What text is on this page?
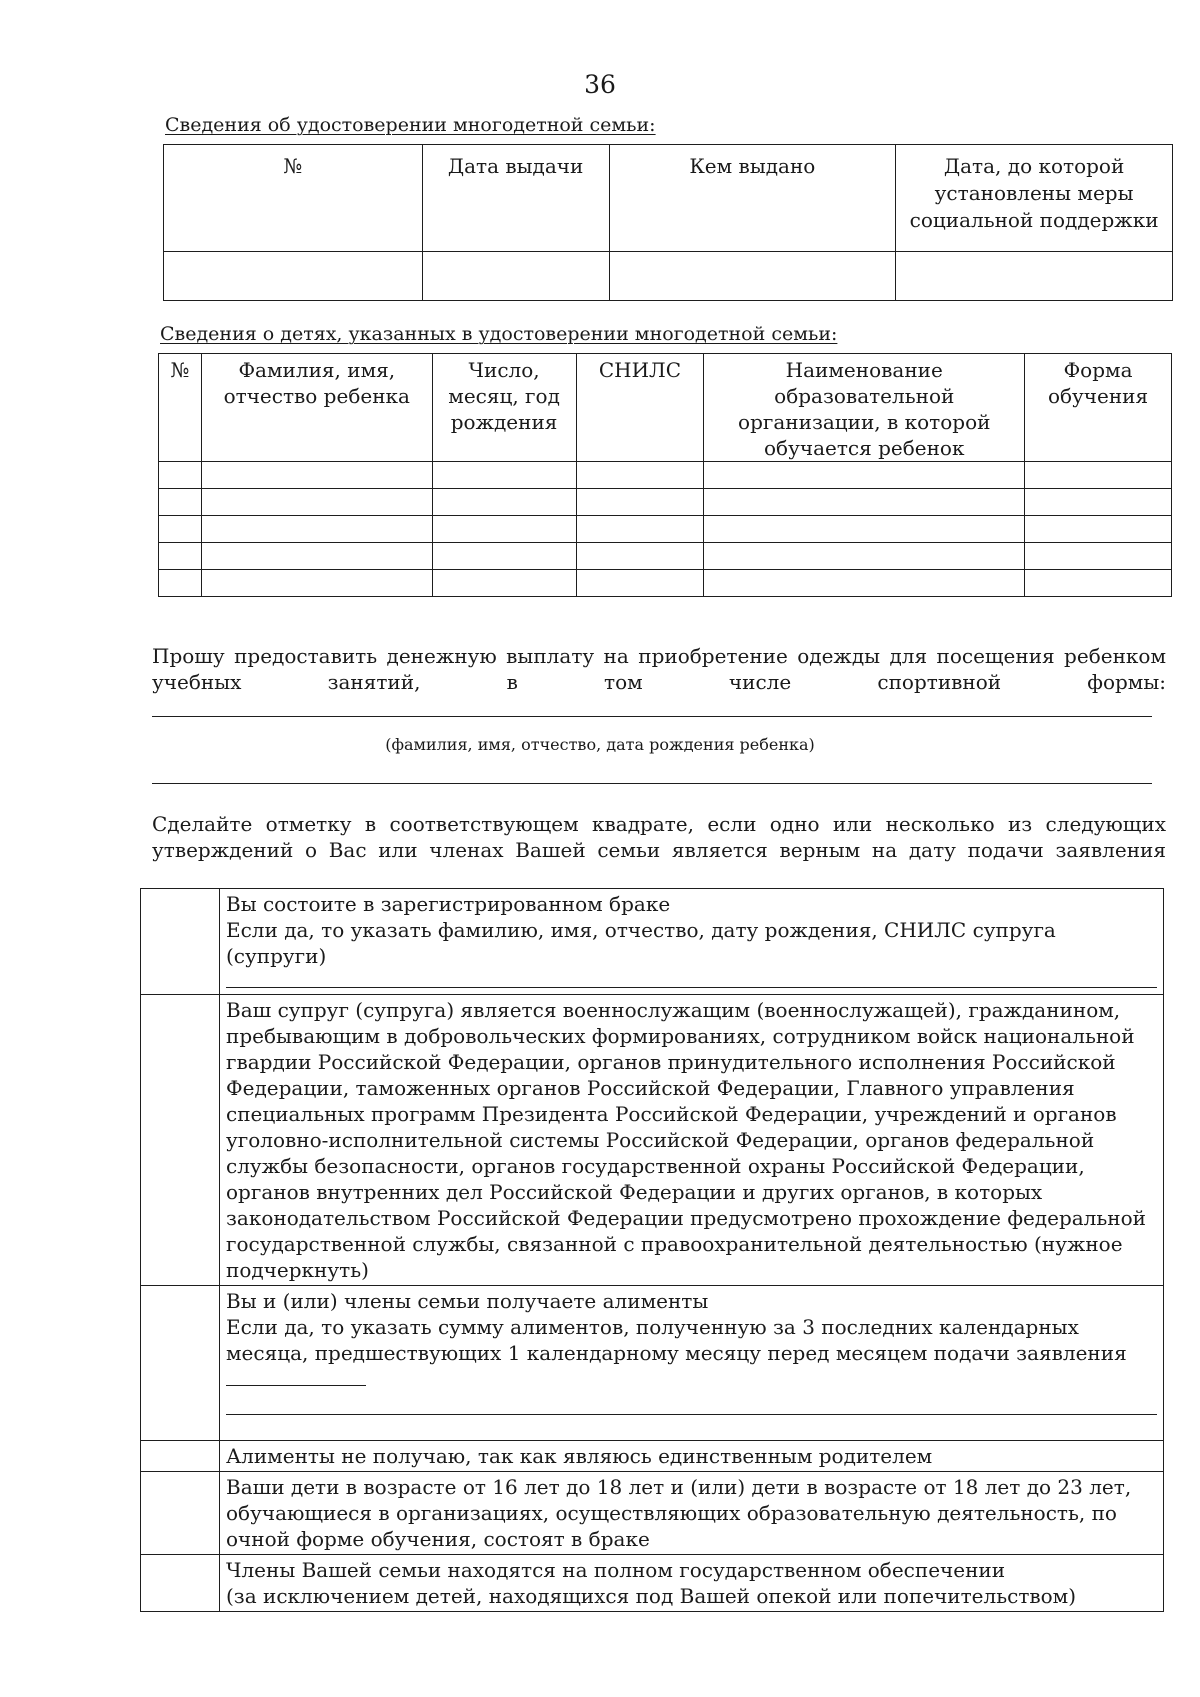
36
Сведения об удостоверении многодетной семьи:
№	Дата выдачи	Кем выдано	Дата, до которой установлены меры социальной поддержки

Сведения о детях, указанных в удостоверении многодетной семьи:
№	Фамилия, имя, отчество ребенка	Число, месяц, год рождения	СНИЛС	Наименование образовательной организации, в которой обучается ребенок	Форма обучения

Прошу предоставить денежную выплату на приобретение одежды для посещения ребенком учебных занятий, в том числе спортивной формы:
(фамилия, имя, отчество, дата рождения ребенка)
Сделайте отметку в соответствующем квадрате, если одно или несколько из следующих утверждений о Вас или членах Вашей семьи является верным на дату подачи заявления

	Вы состоите в зарегистрированном браке
Если да, то указать фамилию, имя, отчество, дату рождения, СНИЛС супруга (супруги)

	Ваш супруг (супруга) является военнослужащим (военнослужащей), гражданином, пребывающим в добровольческих формированиях, сотрудником войск национальной гвардии Российской Федерации, органов принудительного исполнения Российской Федерации, таможенных органов Российской Федерации, Главного управления специальных программ Президента Российской Федерации, учреждений и органов уголовно-исполнительной системы Российской Федерации, органов федеральной службы безопасности, органов государственной охраны Российской Федерации, органов внутренних дел Российской Федерации и других органов, в которых законодательством Российской Федерации предусмотрено прохождение федеральной государственной службы, связанной с правоохранительной деятельностью (нужное подчеркнуть)

	Вы и (или) члены семьи получаете алименты
Если да, то указать сумму алиментов, полученную за 3 последних календарных месяца, предшествующих 1 календарному месяцу перед месяцем подачи заявления

	Алименты не получаю, так как являюсь единственным родителем

	Ваши дети в возрасте от 16 лет до 18 лет и (или) дети в возрасте от 18 лет до 23 лет, обучающиеся в организациях, осуществляющих образовательную деятельность, по очной форме обучения, состоят в браке

	Члены Вашей семьи находятся на полном государственном обеспечении
(за исключением детей, находящихся под Вашей опекой или попечительством)
